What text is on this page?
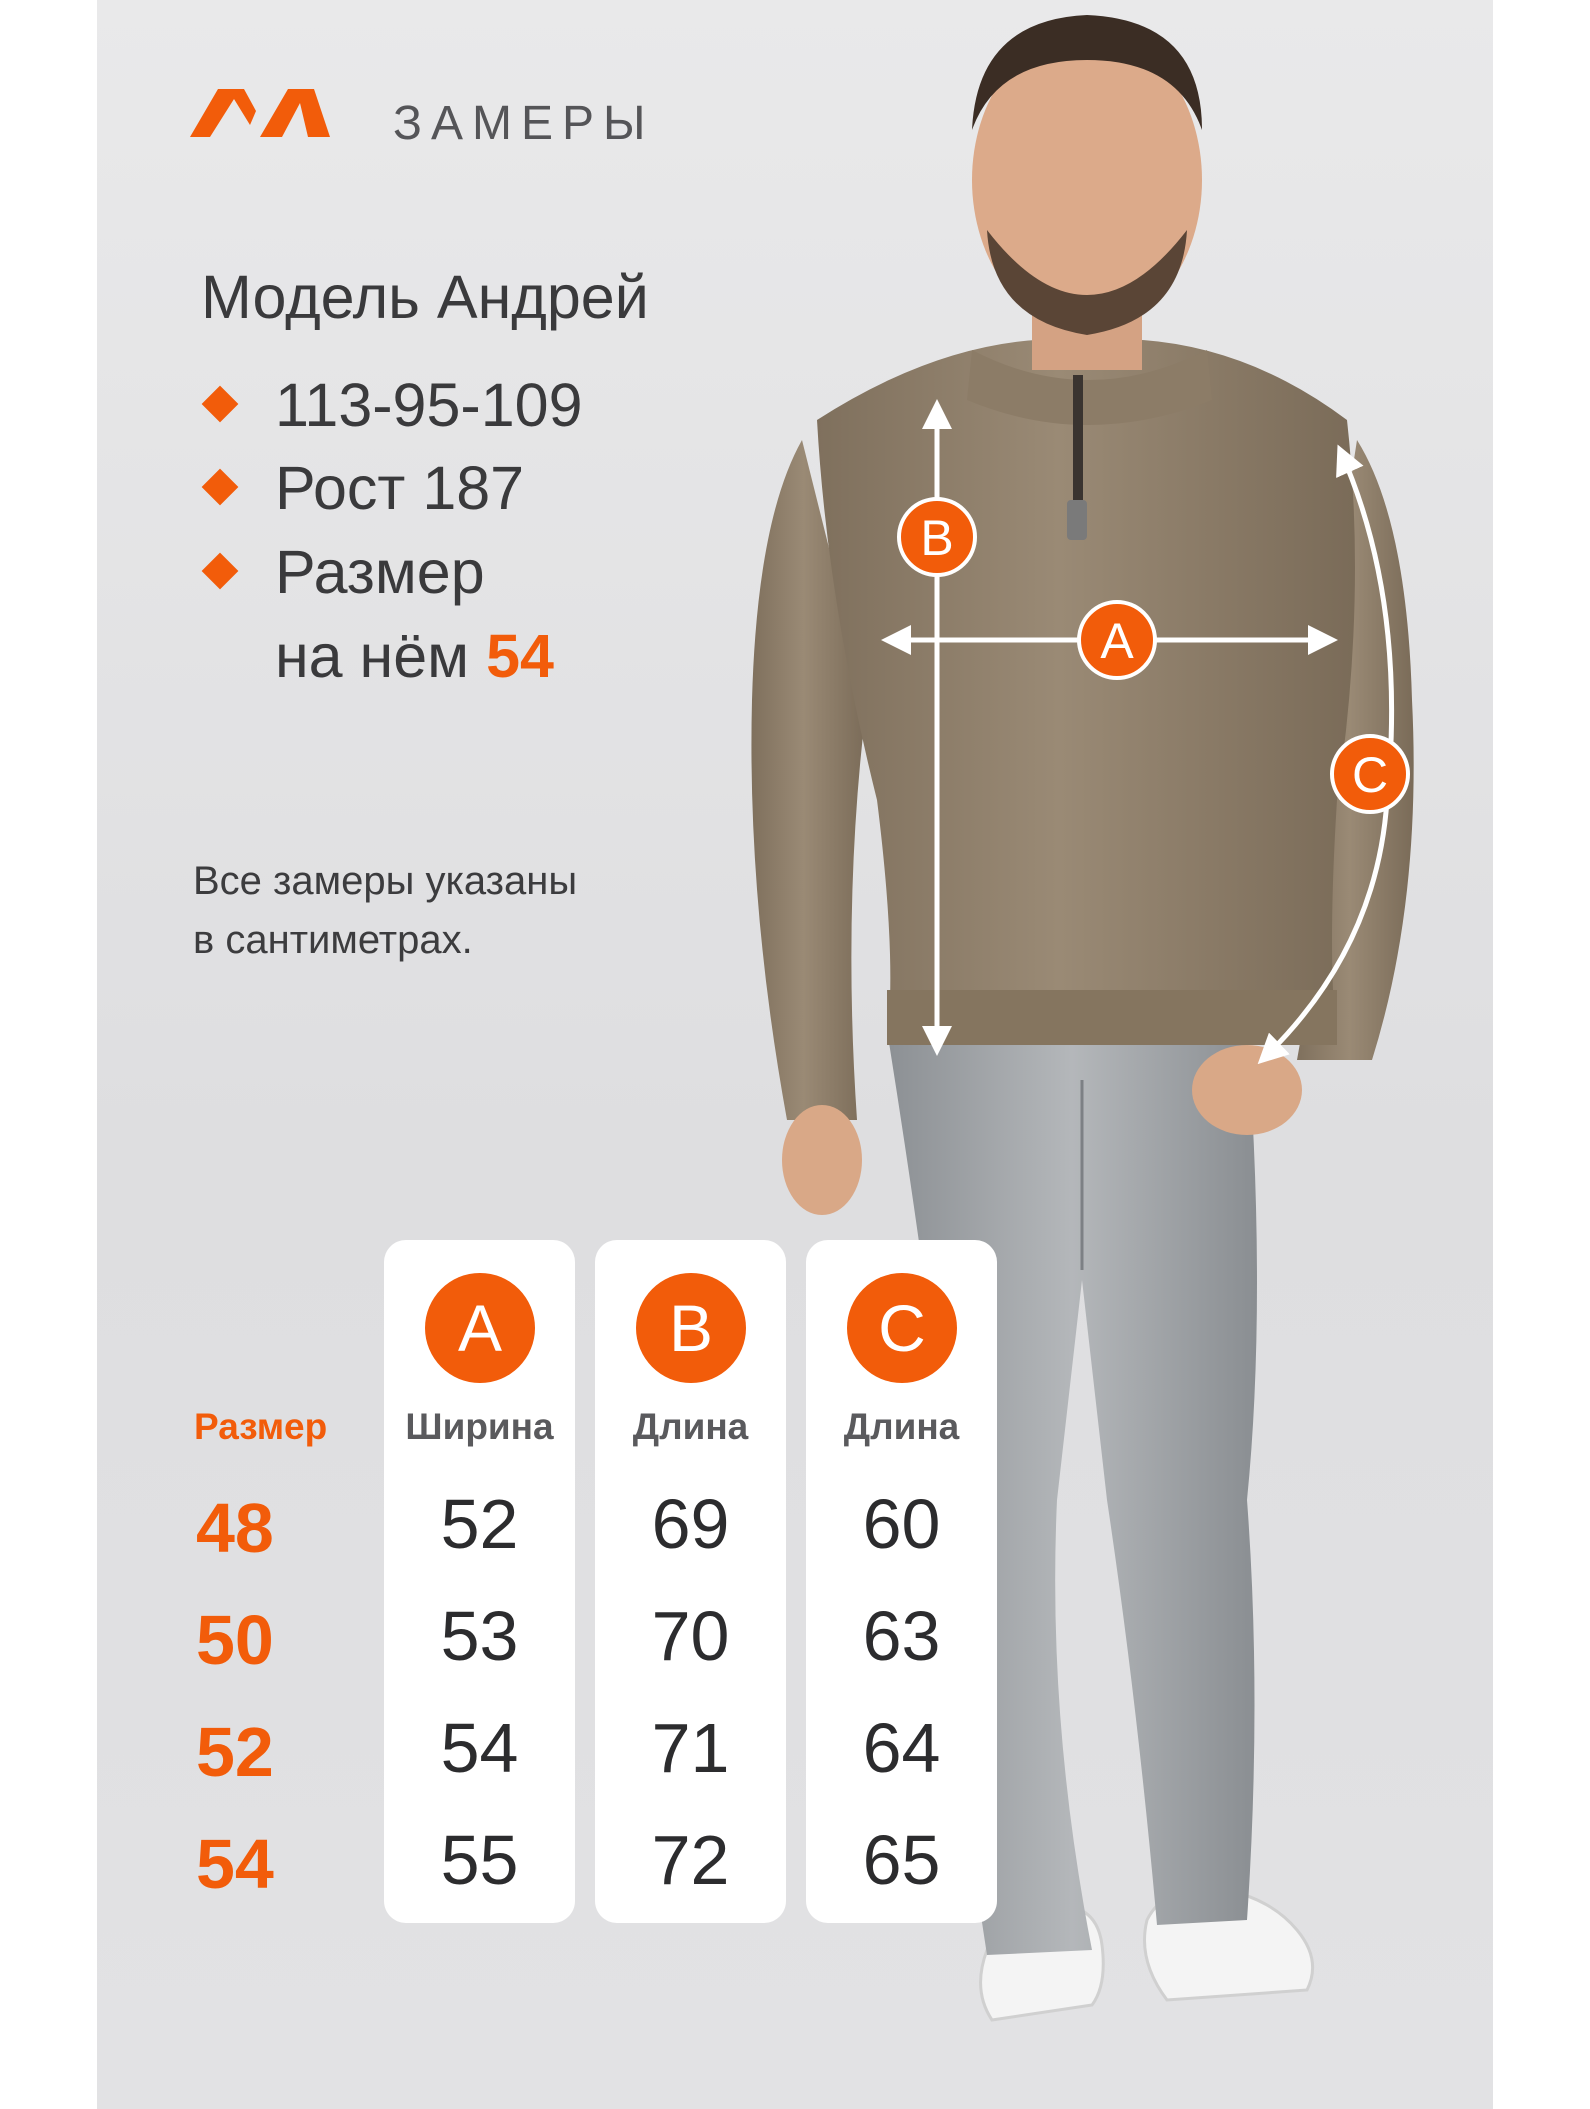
B
A
C
ЗАМЕРЫ
Модель Андрей
113-95-109
Рост 187
Размер
на нём 54
Все замеры указаны
в сантиметрах.
Размер
48
50
52
54
A
Ширина
52
53
54
55
B
Длина
69
70
71
72
C
Длина
60
63
64
65
